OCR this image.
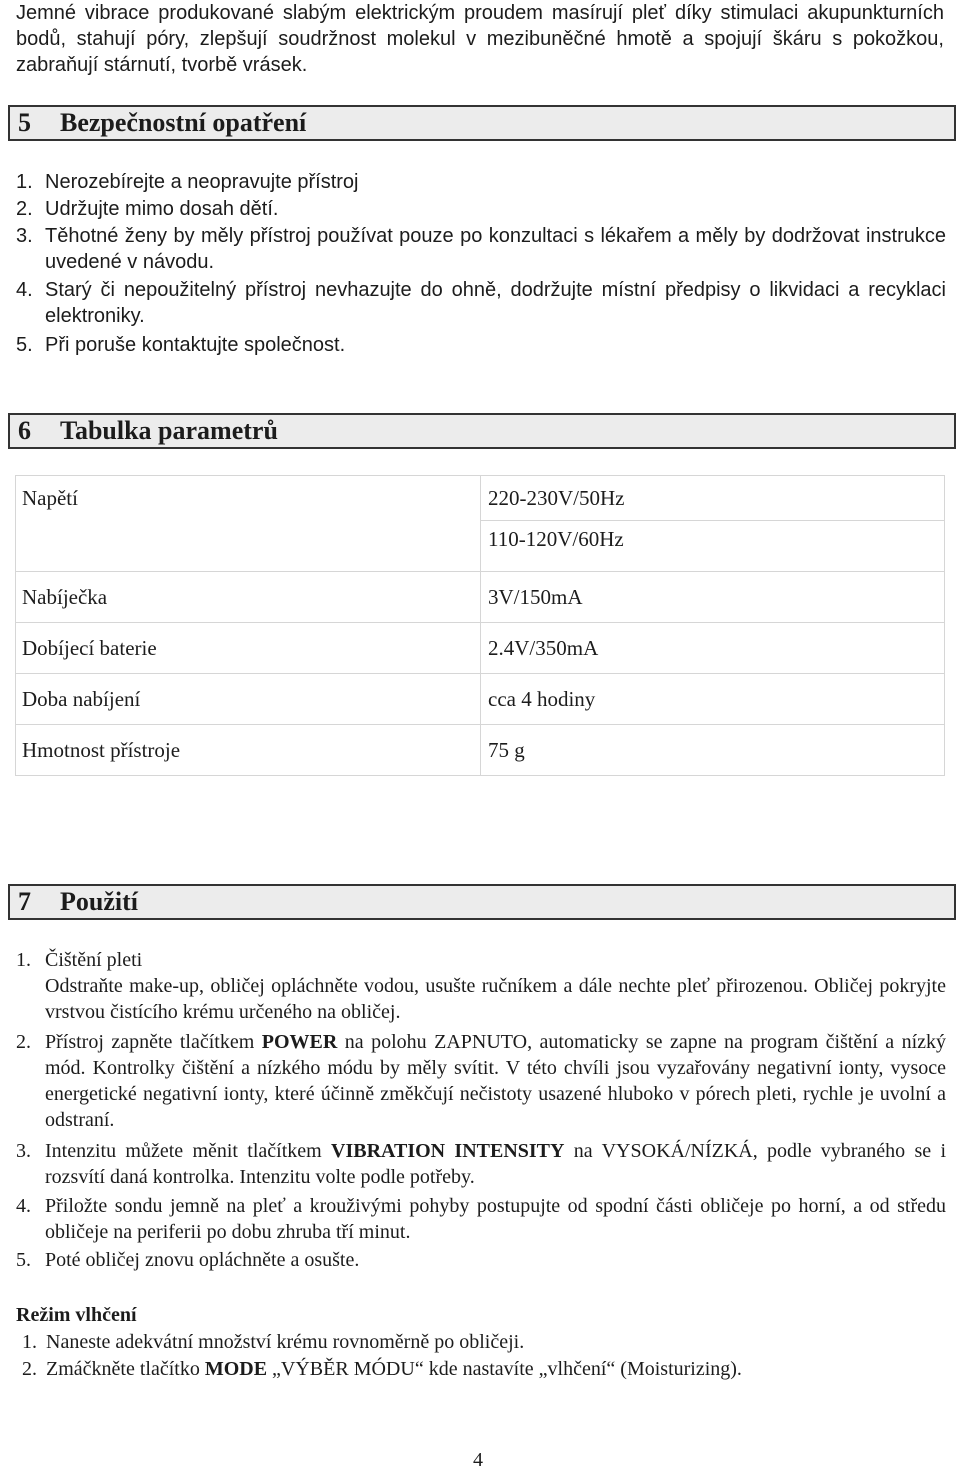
Jemné vibrace produkované slabým elektrickým proudem masírují pleť díky stimulaci akupunkturních bodů, stahují póry, zlepšují soudržnost molekul v mezibuněčné hmotě a spojují škáru s pokožkou, zabraňují stárnutí, tvorbě vrásek.

5 Bezpečnostní opatření
1. Nerozebírejte a neopravujte přístroj

2. Udržujte mimo dosah dětí.

3. Těhotné ženy by měly přístroj používat pouze po konzultaci s lékařem a měly by dodržovat instrukce uvedené v návodu.

4. Starý či nepoužitelný přístroj nevhazujte do ohně, dodržujte místní předpisy o likvidaci a recyklaci elektroniky.

5. Při poruše kontaktujte společnost.

6 Tabulka parametrů
Napětí	220-230V/50Hz
	110-120V/60Hz
Nabíječka	3V/150mA
Dobíjecí baterie	2.4V/350mA
Doba nabíjení	cca 4 hodiny
Hmotnost přístroje	75 g
7 Použití
1. Čištění pleti

Odstraňte make-up, obličej opláchněte vodou, usušte ručníkem a dále nechte pleť přirozenou. Obličej pokryjte vrstvou čistícího krému určeného na obličej.

2. Přístroj zapněte tlačítkem POWER na polohu ZAPNUTO, automaticky se zapne na program čištění a nízký mód. Kontrolky čištění a nízkého módu by měly svítit. V této chvíli jsou vyzařovány negativní ionty, vysoce energetické negativní ionty, které účinně změkčují nečistoty usazené hluboko v pórech pleti, rychle je uvolní a odstraní.

3. Intenzitu můžete měnit tlačítkem VIBRATION INTENSITY na VYSOKÁ/NÍZKÁ, podle vybraného se i rozsvítí daná kontrolka. Intenzitu volte podle potřeby.

4. Přiložte sondu jemně na pleť a krouživými pohyby postupujte od spodní části obličeje po horní, a od středu obličeje na periferii po dobu zhruba tří minut.

5. Poté obličej znovu opláchněte a osušte.

Režim vlhčení
1. Naneste adekvátní množství krému rovnoměrně po obličeji.

2. Zmáčkněte tlačítko MODE „VÝBĚR MÓDU“ kde nastavíte „vlhčení“ (Moisturizing).

4
